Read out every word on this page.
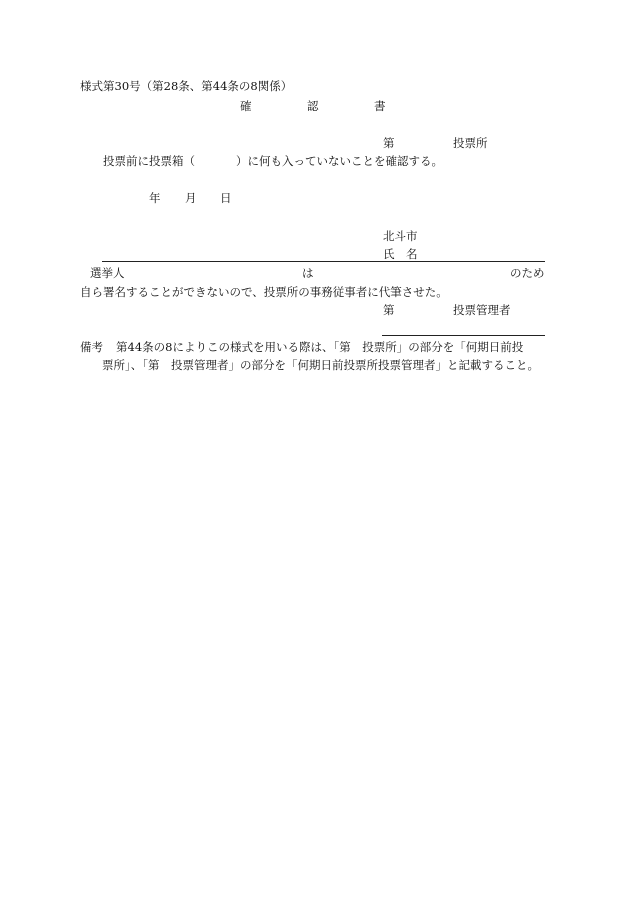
様式第30号（第28条、第44条の8関係）
確	認	書
第	投票所
投票前に投票箱（	）に何も入っていないことを確認する。
年 月 日
北斗市
氏　名
選挙人	は	のため
自ら署名することができないので、投票所の事務従事者に代筆させた。
第	投票管理者
備考 第44条の8によりこの様式を用いる際は、「第　投票所」の部分を「何期日前投
票所」、「第　投票管理者」の部分を「何期日前投票所投票管理者」と記載すること。
